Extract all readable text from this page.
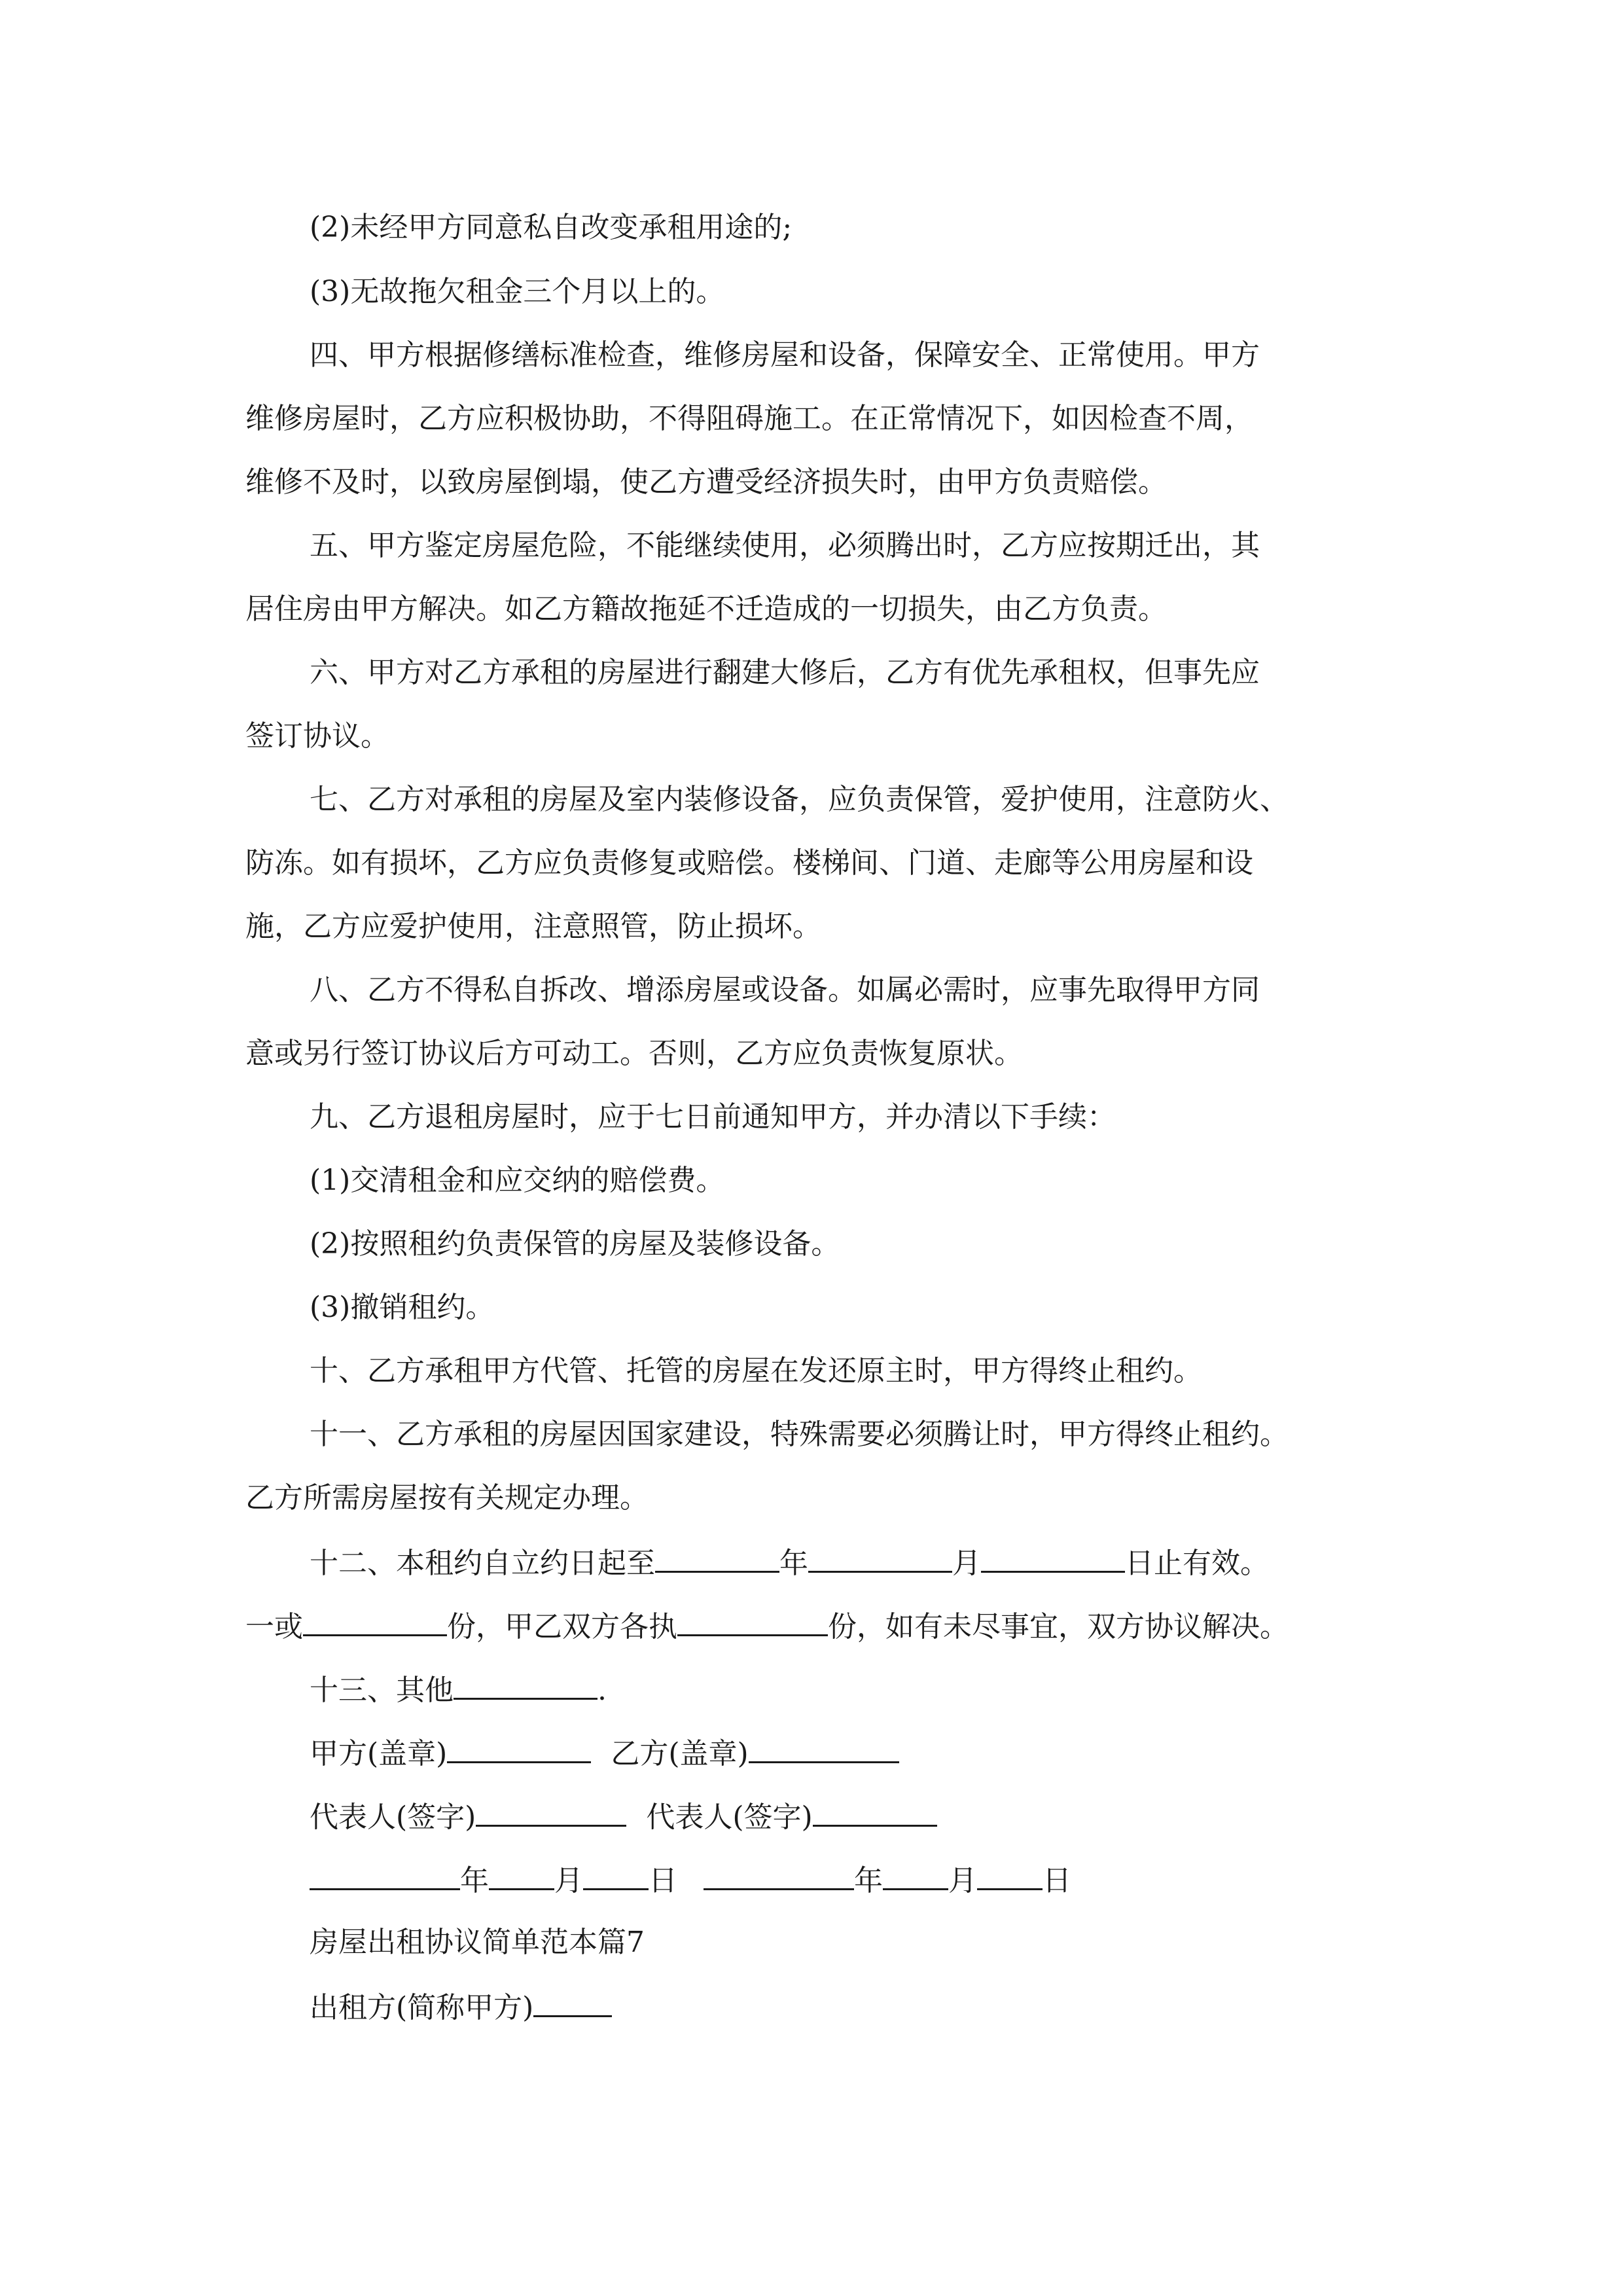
(2)未经甲方同意私自改变承租用途的;
(3)无故拖欠租金三个月以上的。
四、甲方根据修缮标准检查，维修房屋和设备，保障安全、正常使用。甲方
维修房屋时，乙方应积极协助，不得阻碍施工。在正常情况下，如因检查不周，
维修不及时，以致房屋倒塌，使乙方遭受经济损失时，由甲方负责赔偿。
五、甲方鉴定房屋危险，不能继续使用，必须腾出时，乙方应按期迁出，其
居住房由甲方解决。如乙方籍故拖延不迁造成的一切损失，由乙方负责。
六、甲方对乙方承租的房屋进行翻建大修后，乙方有优先承租权，但事先应
签订协议。
七、乙方对承租的房屋及室内装修设备，应负责保管，爱护使用，注意防火、
防冻。如有损坏，乙方应负责修复或赔偿。楼梯间、门道、走廊等公用房屋和设
施，乙方应爱护使用，注意照管，防止损坏。
八、乙方不得私自拆改、增添房屋或设备。如属必需时，应事先取得甲方同
意或另行签订协议后方可动工。否则，乙方应负责恢复原状。
九、乙方退租房屋时，应于七日前通知甲方，并办清以下手续：
(1)交清租金和应交纳的赔偿费。
(2)按照租约负责保管的房屋及装修设备。
(3)撤销租约。
十、乙方承租甲方代管、托管的房屋在发还原主时，甲方得终止租约。
十一、乙方承租的房屋因国家建设，特殊需要必须腾让时，甲方得终止租约。
乙方所需房屋按有关规定办理。
十二、本租约自立约日起至	年	月	日止有效。
一或	份，甲乙双方各执	份，如有未尽事宜，双方协议解决。
十三、其他	.
甲方(盖章)	乙方(盖章)
代表人(签字)	代表人(签字)
年 月 日	年 月 日
房屋出租协议简单范本篇7
出租方(简称甲方)
